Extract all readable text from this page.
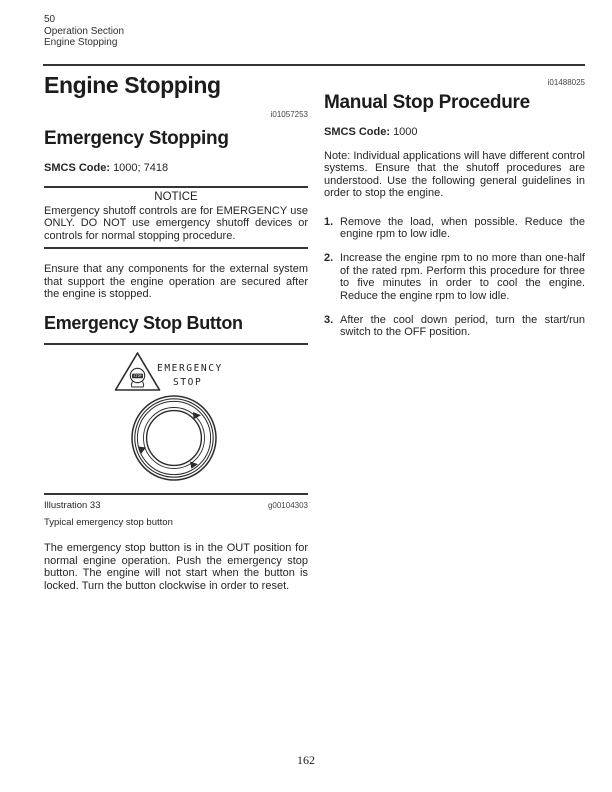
50
Operation Section
Engine Stopping
Engine Stopping
i01057253
Emergency Stopping

SMCS Code: 1000; 7418

NOTICE
Emergency shutoff controls are for EMERGENCY use ONLY. DO NOT use emergency shutoff devices or controls for normal stopping procedure.

Ensure that any components for the external system that support the engine operation are secured after the engine is stopped.

Emergency Stop Button
STOP
EMERGENCY
STOP
Illustration 33	g00104303
Typical emergency stop button

The emergency stop button is in the OUT position for normal engine operation. Push the emergency stop button. The engine will not start when the button is locked. Turn the button clockwise in order to reset.

i01488025
Manual Stop Procedure

SMCS Code: 1000

Note: Individual applications will have different control systems. Ensure that the shutoff procedures are understood. Use the following general guidelines in order to stop the engine.

1. Remove the load, when possible. Reduce the engine rpm to low idle.
2. Increase the engine rpm to no more than one-half of the rated rpm. Perform this procedure for three to five minutes in order to cool the engine. Reduce the engine rpm to low idle.
3. After the cool down period, turn the start/run switch to the OFF position.
162
